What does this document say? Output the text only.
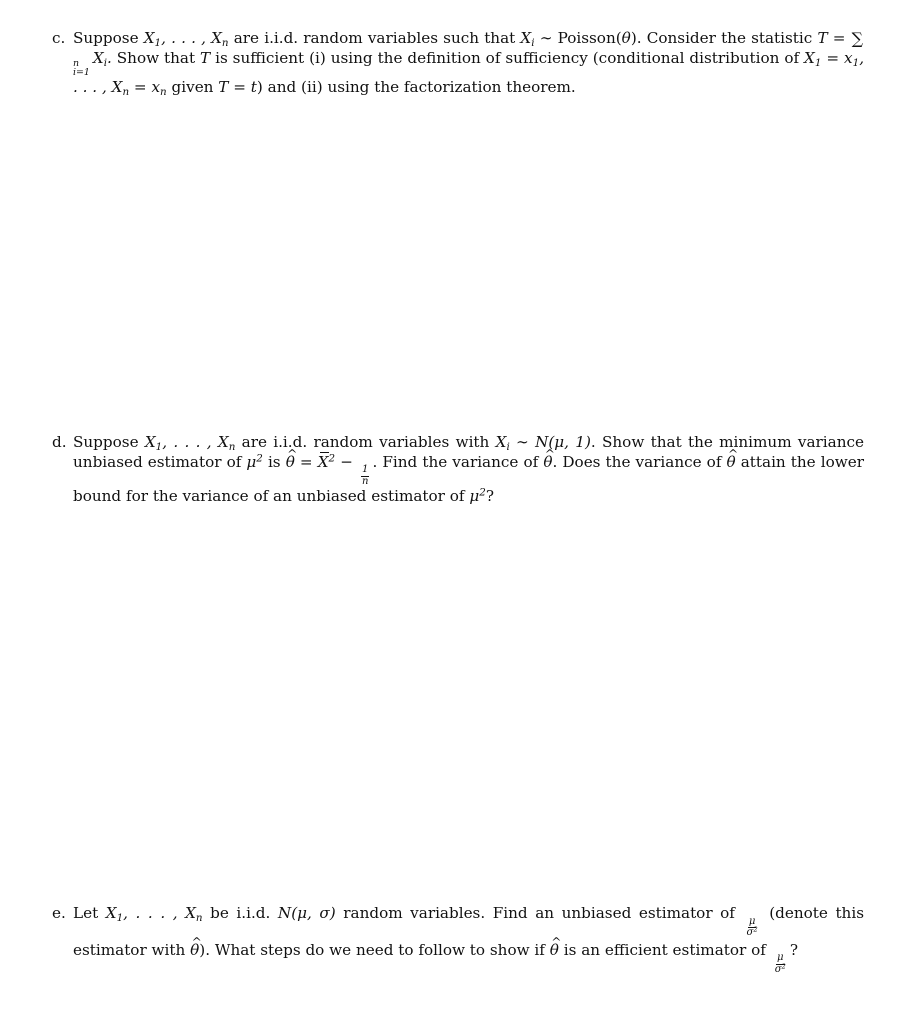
c. Suppose $X_1$, . . . , $X_n$ are i.i.d. random variables such that $X_i$ ∼ Poisson(θ). Consider the statistic T = ∑
n
i=1
$X_i$. Show that T is sufficient (i) using the definition of sufficiency (conditional distribution of $X_1 = x_1$, . . . , $X_n = x_n$ given T = t) and (ii) using the factorization theorem.
d. Suppose $X_1$, . . . , $X_n$ are i.i.d. random variables with $X_i$ ∼ N(μ, 1). Show that the minimum variance unbiased estimator of $\mu^2$ is θ ^ = $X^2$ −
$\frac{1}{n}$
. Find the variance of θ ^. Does the variance of θ ^ attain the lower bound for the variance of an unbiased estimator of $\mu^2$?
e. Let $X_1$, . . . , $X_n$ be i.i.d. N(μ, σ) random variables. Find an unbiased estimator of
$\frac{\mu}{\sigma^2}$
(denote this estimator with θ ^). What steps do we need to follow to show if θ ^ is an efficient estimator of
$\frac{\mu}{\sigma^2}$
?
